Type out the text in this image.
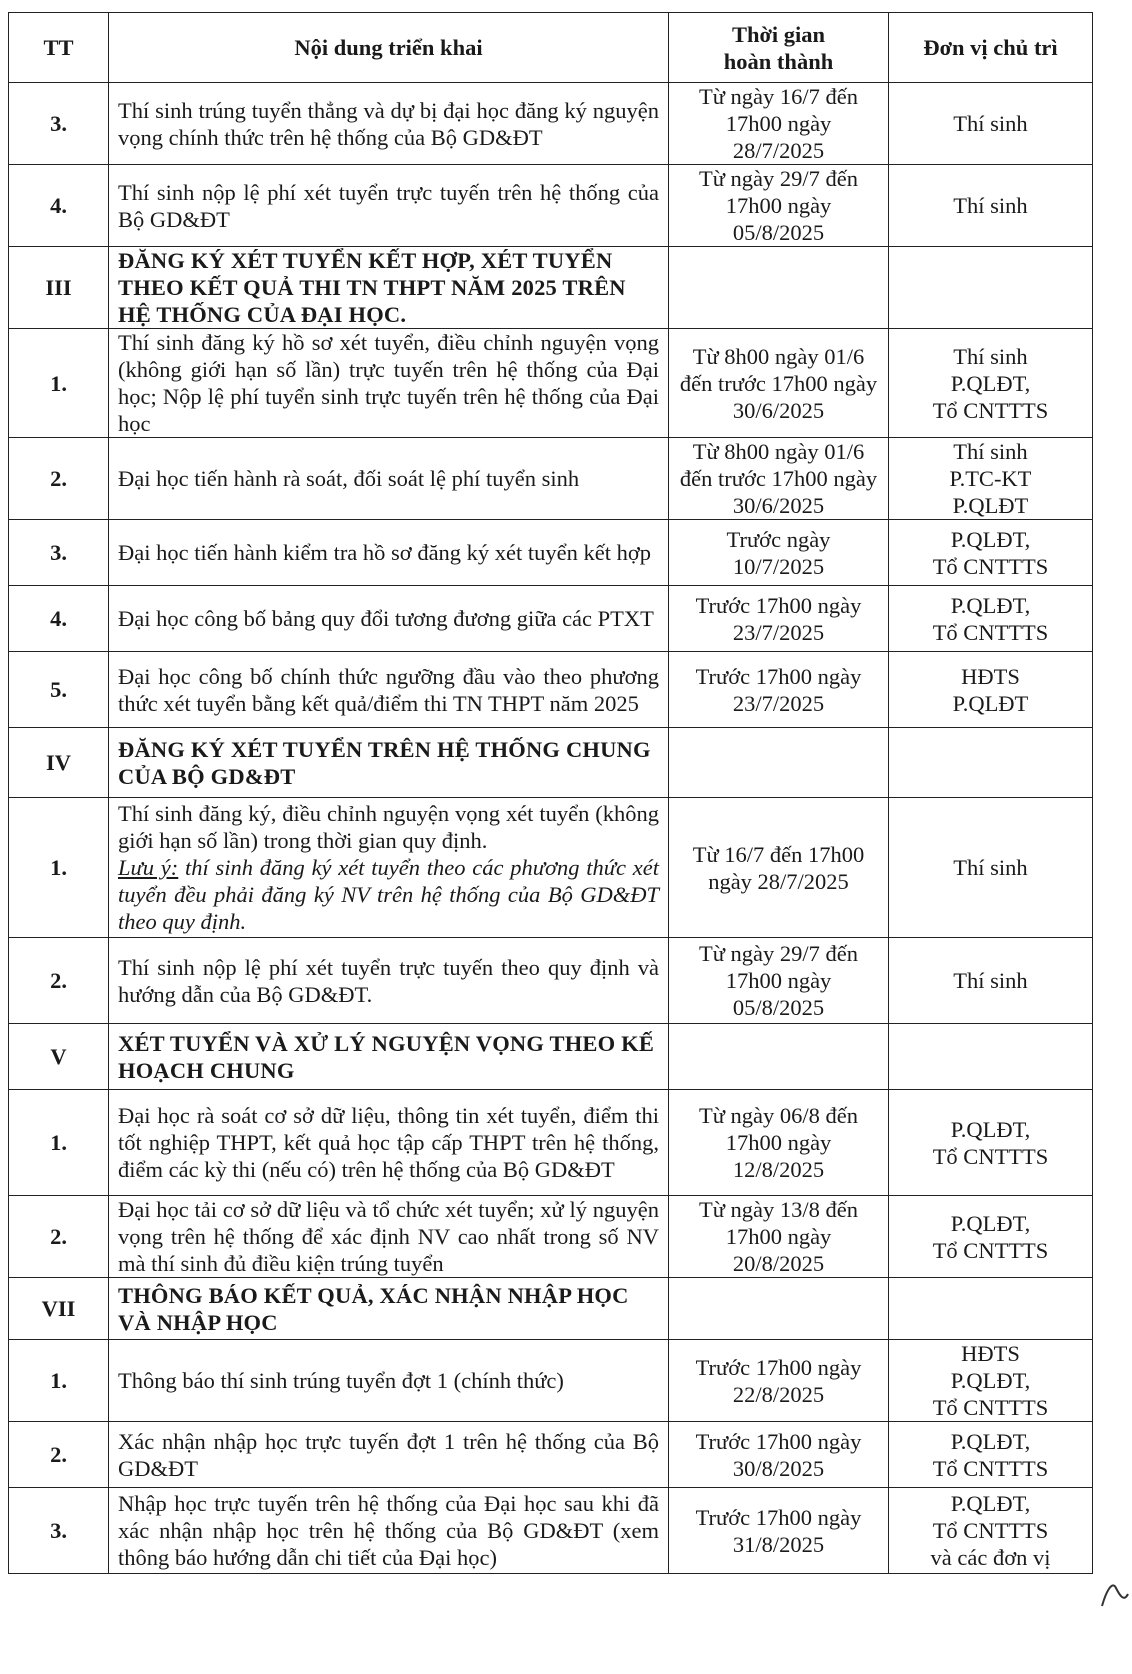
TT	Nội dung triển khai	Thời gian
hoàn thành	Đơn vị chủ trì
3.	Thí sinh trúng tuyển thẳng và dự bị đại học đăng ký nguyện vọng chính thức trên hệ thống của Bộ GD&ĐT	Từ ngày 16/7 đến
17h00 ngày
28/7/2025	Thí sinh

4.	Thí sinh nộp lệ phí xét tuyển trực tuyến trên hệ thống của Bộ GD&ĐT	Từ ngày 29/7 đến
17h00 ngày
05/8/2025	Thí sinh

III	ĐĂNG KÝ XÉT TUYỂN KẾT HỢP, XÉT TUYỂN THEO KẾT QUẢ THI TN THPT NĂM 2025 TRÊN HỆ THỐNG CỦA ĐẠI HỌC.		
1.	Thí sinh đăng ký hồ sơ xét tuyển, điều chỉnh nguyện vọng (không giới hạn số lần) trực tuyến trên hệ thống của Đại học; Nộp lệ phí tuyển sinh trực tuyến trên hệ thống của Đại học	Từ 8h00 ngày 01/6
đến trước 17h00 ngày
30/6/2025	Thí sinh
P.QLĐT,
Tổ CNTTTS

2.	Đại học tiến hành rà soát, đối soát lệ phí tuyển sinh	Từ 8h00 ngày 01/6
đến trước 17h00 ngày
30/6/2025	Thí sinh
P.TC-KT
P.QLĐT

3.	Đại học tiến hành kiểm tra hồ sơ đăng ký xét tuyển kết hợp	Trước ngày
10/7/2025	P.QLĐT,
Tổ CNTTTS

4.	Đại học công bố bảng quy đổi tương đương giữa các PTXT	Trước 17h00 ngày
23/7/2025	P.QLĐT,
Tổ CNTTTS

5.	Đại học công bố chính thức ngưỡng đầu vào theo phương thức xét tuyển bằng kết quả/điểm thi TN THPT năm 2025	Trước 17h00 ngày
23/7/2025	HĐTS
P.QLĐT

IV	ĐĂNG KÝ XÉT TUYỂN TRÊN HỆ THỐNG CHUNG CỦA BỘ GD&ĐT		
1.	Thí sinh đăng ký, điều chỉnh nguyện vọng xét tuyển (không giới hạn số lần) trong thời gian quy định.
Lưu ý: thí sinh đăng ký xét tuyển theo các phương thức xét tuyển đều phải đăng ký NV trên hệ thống của Bộ GD&ĐT theo quy định.	Từ 16/7 đến 17h00
ngày 28/7/2025	Thí sinh

2.	Thí sinh nộp lệ phí xét tuyển trực tuyến theo quy định và hướng dẫn của Bộ GD&ĐT.	Từ ngày 29/7 đến
17h00 ngày
05/8/2025	Thí sinh

V	XÉT TUYỂN VÀ XỬ LÝ NGUYỆN VỌNG THEO KẾ HOẠCH CHUNG		
1.	Đại học rà soát cơ sở dữ liệu, thông tin xét tuyển, điểm thi tốt nghiệp THPT, kết quả học tập cấp THPT trên hệ thống, điểm các kỳ thi (nếu có) trên hệ thống của Bộ GD&ĐT	Từ ngày 06/8 đến
17h00 ngày
12/8/2025	P.QLĐT,
Tổ CNTTTS

2.	Đại học tải cơ sở dữ liệu và tổ chức xét tuyển; xử lý nguyện vọng trên hệ thống để xác định NV cao nhất trong số NV mà thí sinh đủ điều kiện trúng tuyển	Từ ngày 13/8 đến
17h00 ngày
20/8/2025	P.QLĐT,
Tổ CNTTTS

VII	THÔNG BÁO KẾT QUẢ, XÁC NHẬN NHẬP HỌC VÀ NHẬP HỌC		
1.	Thông báo thí sinh trúng tuyển đợt 1 (chính thức)	Trước 17h00 ngày
22/8/2025	HĐTS
P.QLĐT,
Tổ CNTTTS

2.	Xác nhận nhập học trực tuyến đợt 1 trên hệ thống của Bộ GD&ĐT	Trước 17h00 ngày
30/8/2025	P.QLĐT,
Tổ CNTTTS

3.	Nhập học trực tuyến trên hệ thống của Đại học sau khi đã xác nhận nhập học trên hệ thống của Bộ GD&ĐT (xem thông báo hướng dẫn chi tiết của Đại học)	Trước 17h00 ngày
31/8/2025	P.QLĐT,
Tổ CNTTTS
và các đơn vị
